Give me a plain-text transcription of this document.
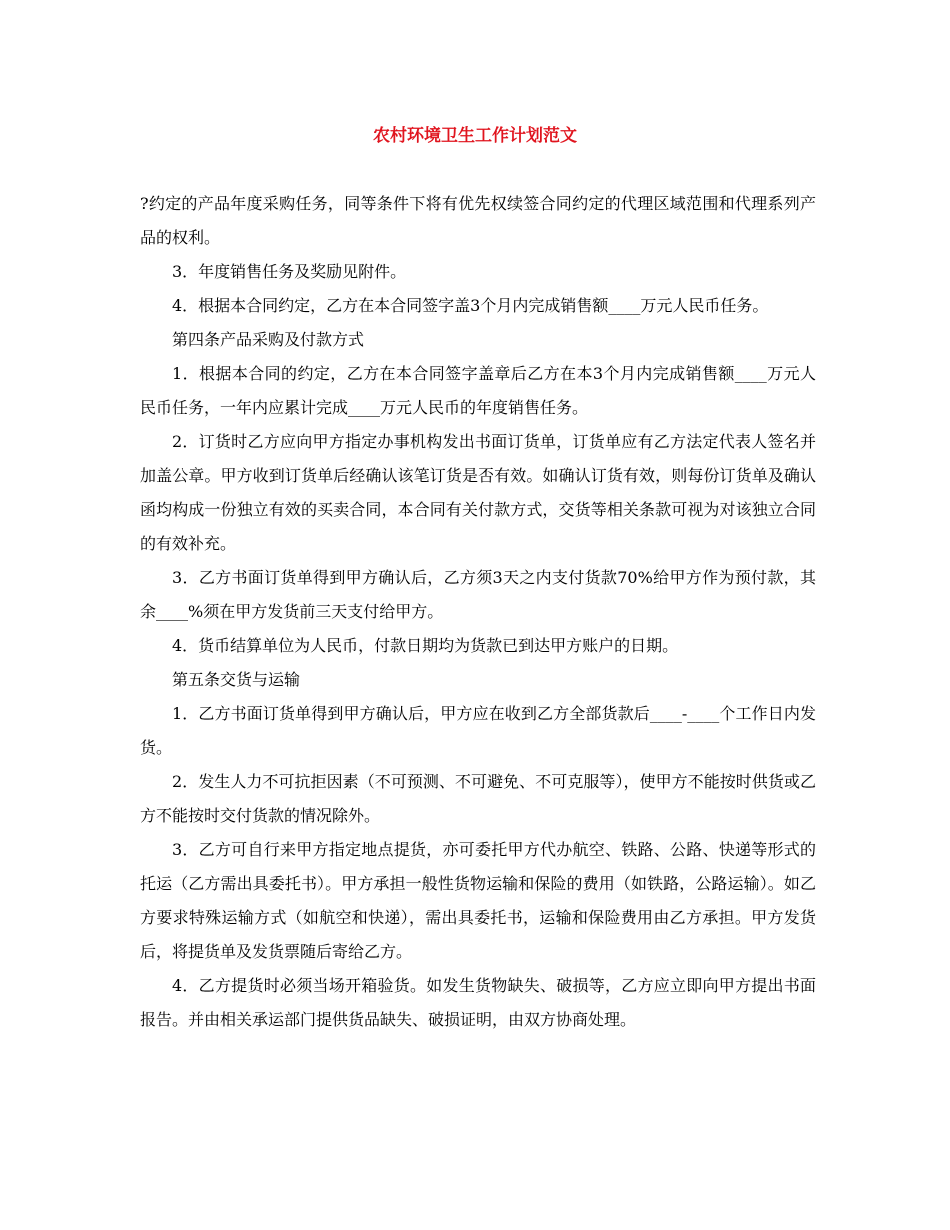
农村环境卫生工作计划范文

?约定的产品年度采购任务，同等条件下将有优先权续签合同约定的代理区域范围和代理系列产品的权利。

3．年度销售任务及奖励见附件。

4．根据本合同约定，乙方在本合同签字盖3个月内完成销售额____万元人民币任务。

第四条产品采购及付款方式

1．根据本合同的约定，乙方在本合同签字盖章后乙方在本3个月内完成销售额____万元人民币任务，一年内应累计完成____万元人民币的年度销售任务。

2．订货时乙方应向甲方指定办事机构发出书面订货单，订货单应有乙方法定代表人签名并加盖公章。甲方收到订货单后经确认该笔订货是否有效。如确认订货有效，则每份订货单及确认函均构成一份独立有效的买卖合同，本合同有关付款方式，交货等相关条款可视为对该独立合同的有效补充。

3．乙方书面订货单得到甲方确认后，乙方须3天之内支付货款70%给甲方作为预付款，其余____%须在甲方发货前三天支付给甲方。

4．货币结算单位为人民币，付款日期均为货款已到达甲方账户的日期。

第五条交货与运输

1．乙方书面订货单得到甲方确认后，甲方应在收到乙方全部货款后____-____个工作日内发货。

2．发生人力不可抗拒因素（不可预测、不可避免、不可克服等），使甲方不能按时供货或乙方不能按时交付货款的情况除外。

3．乙方可自行来甲方指定地点提货，亦可委托甲方代办航空、铁路、公路、快递等形式的托运（乙方需出具委托书）。甲方承担一般性货物运输和保险的费用（如铁路，公路运输）。如乙方要求特殊运输方式（如航空和快递），需出具委托书，运输和保险费用由乙方承担。甲方发货后，将提货单及发货票随后寄给乙方。

4．乙方提货时必须当场开箱验货。如发生货物缺失、破损等，乙方应立即向甲方提出书面报告。并由相关承运部门提供货品缺失、破损证明，由双方协商处理。
